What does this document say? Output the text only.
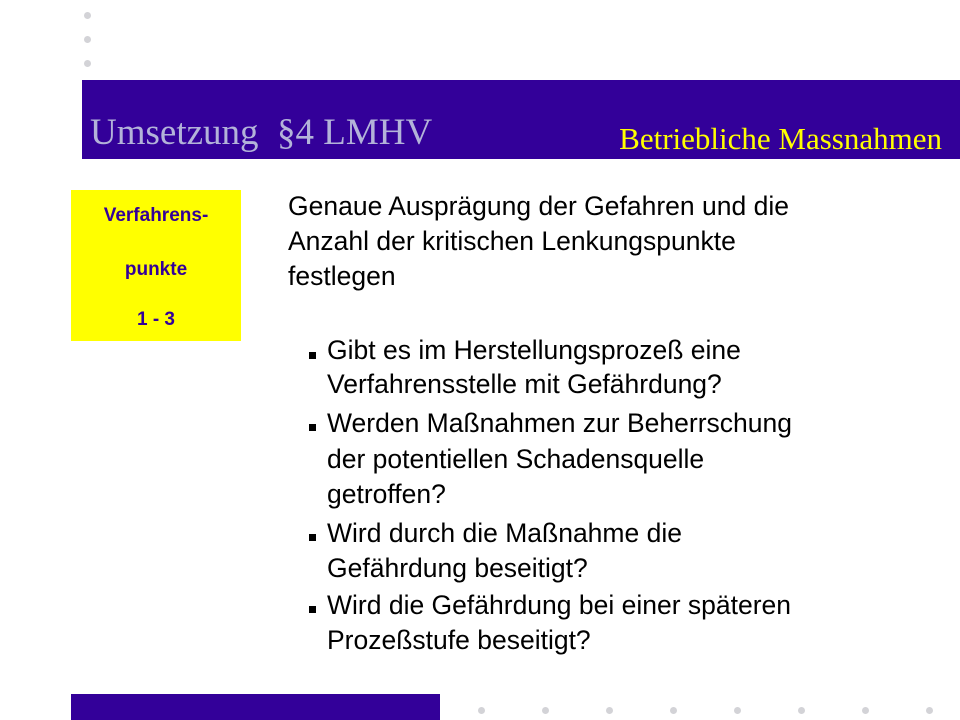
Umsetzung  §4 LMHV	Betriebliche Massnahmen
Verfahrens-
punkte
1 - 3
Genaue Ausprägung der Gefahren und die
Anzahl der kritischen Lenkungspunkte
festlegen
Gibt es im Herstellungsprozeß eine
Verfahrensstelle mit Gefährdung?
Werden Maßnahmen zur Beherrschung
der potentiellen Schadensquelle
getroffen?
Wird durch die Maßnahme die
Gefährdung beseitigt?
Wird die Gefährdung bei einer späteren
Prozeßstufe beseitigt?
